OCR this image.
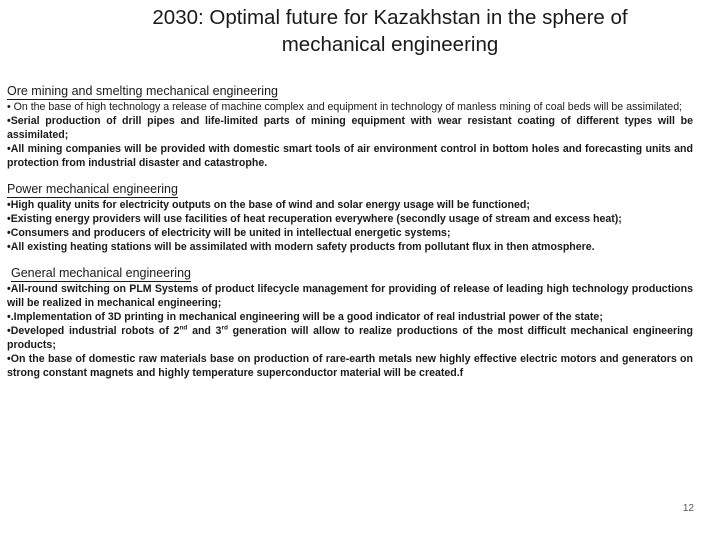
2030: Optimal future for Kazakhstan in the sphere of
mechanical engineering
Ore mining and smelting mechanical engineering

• On the base of high technology a release of machine complex and equipment in technology of manless mining of coal beds will be assimilated;

•Serial production of drill pipes and life-limited parts of mining equipment with wear resistant coating of different types will be assimilated;

•All mining companies will be provided with domestic smart tools of air environment control in bottom holes and forecasting units and protection from industrial disaster and catastrophe.

Power mechanical engineering

•High quality units for electricity outputs on the base of wind and solar energy usage will be functioned;

•Existing energy providers will use facilities of heat recuperation everywhere (secondly usage of stream and excess heat);

•Consumers and producers of electricity will be united in intellectual energetic systems;

•All existing heating stations will be assimilated with modern safety products from pollutant flux in then atmosphere.

General mechanical engineering

•All-round switching on PLM Systems of product lifecycle management for providing of release of leading high technology productions will be realized in mechanical engineering;

•.Implementation of 3D printing in mechanical engineering will be a good indicator of real industrial power of the state;

•Developed industrial robots of 2nd and 3rd generation will allow to realize productions of the most difficult mechanical engineering products;

•On the base of domestic raw materials base on production of rare-earth metals new highly effective electric motors and generators on strong constant magnets and highly temperature superconductor material will be created.f

12
